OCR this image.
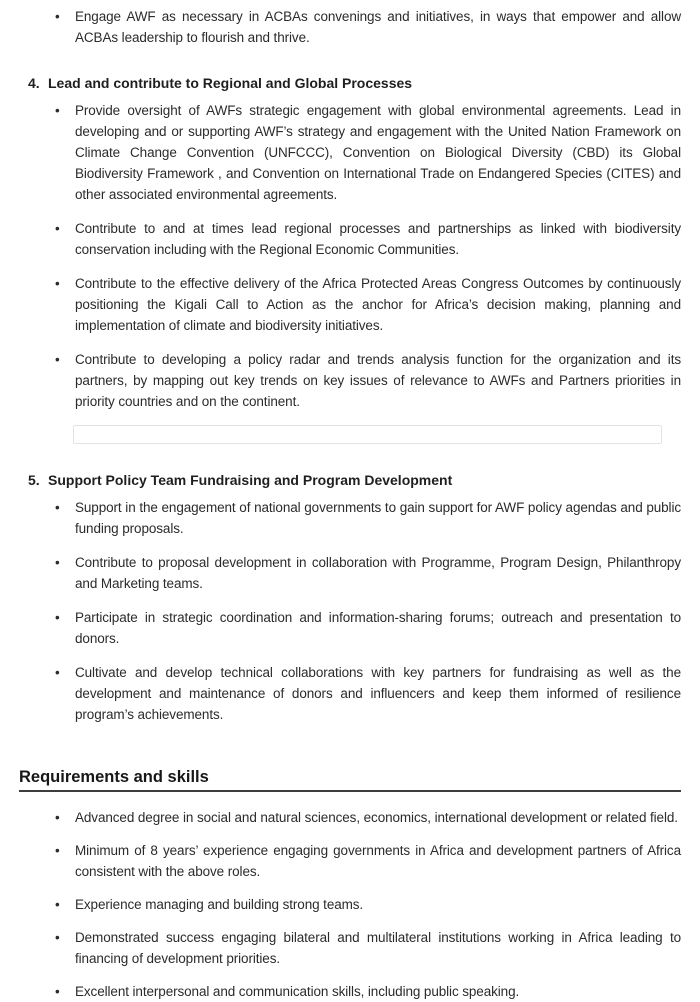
•	Engage AWF as necessary in ACBAs convenings and initiatives, in ways that empower and allow ACBAs leadership to flourish and thrive.
4. Lead and contribute to Regional and Global Processes
•	Provide oversight of AWFs strategic engagement with global environmental agreements. Lead in developing and or supporting AWF’s strategy and engagement with the United Nation Framework on Climate Change Convention (UNFCCC), Convention on Biological Diversity (CBD) its Global Biodiversity Framework , and Convention on International Trade on Endangered Species (CITES) and other associated environmental agreements.
•	Contribute to and at times lead regional processes and partnerships as linked with biodiversity conservation including with the Regional Economic Communities.
•	Contribute to the effective delivery of the Africa Protected Areas Congress Outcomes by continuously positioning the Kigali Call to Action as the anchor for Africa’s decision making, planning and implementation of climate and biodiversity initiatives.
•	Contribute to developing a policy radar and trends analysis function for the organization and its partners, by mapping out key trends on key issues of relevance to AWFs and Partners priorities in priority countries and on the continent.
5. Support Policy Team Fundraising and Program Development
•	Support in the engagement of national governments to gain support for AWF policy agendas and public funding proposals.
•	Contribute to proposal development in collaboration with Programme, Program Design, Philanthropy and Marketing teams.
•	Participate in strategic coordination and information-sharing forums; outreach and presentation to donors.
•	Cultivate and develop technical collaborations with key partners for fundraising as well as the development and maintenance of donors and influencers and keep them informed of resilience program’s achievements.
Requirements and skills
•	Advanced degree in social and natural sciences, economics, international development or related field.
•	Minimum of 8 years’ experience engaging governments in Africa and development partners of Africa consistent with the above roles.
•	Experience managing and building strong teams.
•	Demonstrated success engaging bilateral and multilateral institutions working in Africa leading to financing of development priorities.
•	Excellent interpersonal and communication skills, including public speaking.
